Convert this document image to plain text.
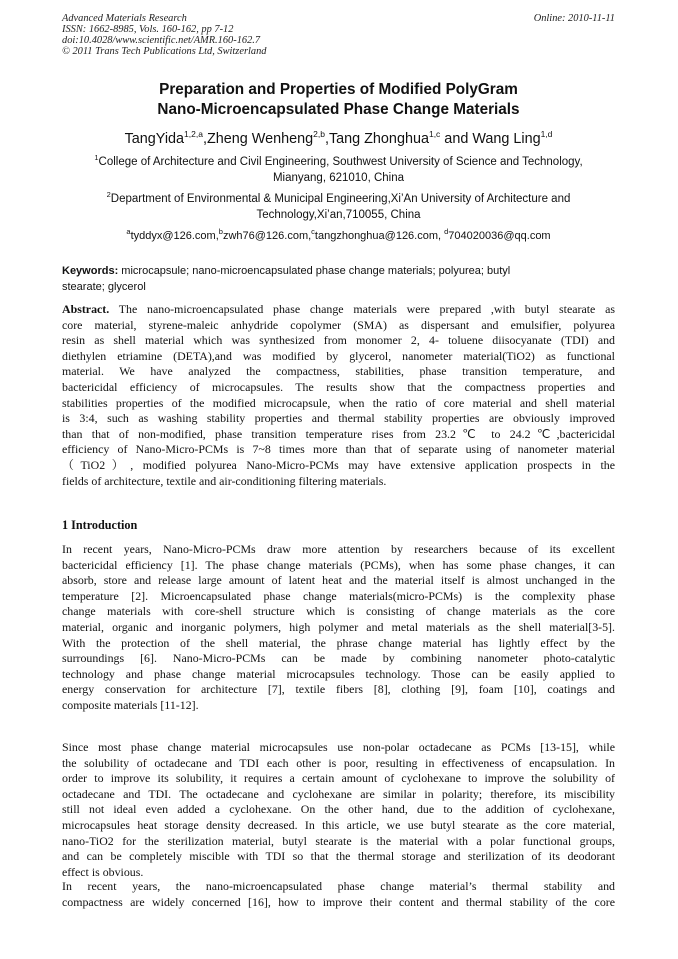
Advanced Materials Research
ISSN: 1662-8985, Vols. 160-162, pp 7-12
doi:10.4028/www.scientific.net/AMR.160-162.7
© 2011 Trans Tech Publications Ltd, Switzerland
Online: 2010-11-11
Preparation and Properties of Modified PolyGram
Nano-Microencapsulated Phase Change Materials
TangYida$^{1,2,a}$,Zheng Wenheng$^{2,b}$,Tang Zhonghua$^{1,c}$ and Wang Ling$^{1,d}$
$^1$College of Architecture and Civil Engineering, Southwest University of Science and Technology,
Mianyang, 621010, China
$^2$Department of Environmental & Municipal Engineering,Xi’An University of Architecture and
Technology,Xi’an,710055, China
$^a$tyddyx@126.com,$^b$zwh76@126.com,$^c$tangzhonghua@126.com, $^d$704020036@qq.com
Keywords: microcapsule; nano-microencapsulated phase change materials; polyurea; butyl
stearate; glycerol
Abstract. The nano-microencapsulated phase change materials were prepared ,with butyl stearate as
core material, styrene-maleic anhydride copolymer (SMA) as dispersant and emulsifier, polyurea
resin as shell material which was synthesized from monomer 2, 4- toluene diisocyanate (TDI) and
diethylen etriamine (DETA),and was modified by glycerol, nanometer material(TiO2) as functional
material. We have analyzed the compactness, stabilities, phase transition temperature, and
bactericidal efficiency of microcapsules. The results show that the compactness properties and
stabilities properties of the modified microcapsule, when the ratio of core material and shell material
is 3:4, such as washing stability properties and thermal stability properties are obviously improved
than that of non-modified, phase transition temperature rises from 23.2℃ to 24.2℃,bactericidal
efficiency of Nano-Micro-PCMs is 7~8 times more than that of separate using of nanometer material
（TiO2）, modified polyurea Nano-Micro-PCMs may have extensive application prospects in the
fields of architecture, textile and air-conditioning filtering materials.
1 Introduction
In recent years, Nano-Micro-PCMs draw more attention by researchers because of its excellent
bactericidal efficiency [1]. The phase change materials (PCMs), when has some phase changes, it can
absorb, store and release large amount of latent heat and the material itself is almost unchanged in the
temperature [2]. Microencapsulated phase change materials(micro-PCMs) is the complexity phase
change materials with core-shell structure which is consisting of change materials as the core
material, organic and inorganic polymers, high polymer and metal materials as the shell material[3-5].
With the protection of the shell material, the phrase change material has lightly effect by the
surroundings [6]. Nano-Micro-PCMs can be made by combining nanometer photo-catalytic
technology and phase change material microcapsules technology. Those can be easily applied to
energy conservation for architecture [7], textile fibers [8], clothing [9], foam [10], coatings and
composite materials [11-12].
Since most phase change material microcapsules use non-polar octadecane as PCMs [13-15], while
the solubility of octadecane and TDI each other is poor, resulting in effectiveness of encapsulation. In
order to improve its solubility, it requires a certain amount of cyclohexane to improve the solubility of
octadecane and TDI. The octadecane and cyclohexane are similar in polarity; therefore, its miscibility
still not ideal even added a cyclohexane. On the other hand, due to the addition of cyclohexane,
microcapsules heat storage density decreased. In this article, we use butyl stearate as the core material,
nano-TiO2 for the sterilization material, butyl stearate is the material with a polar functional groups,
and can be completely miscible with TDI so that the thermal storage and sterilization of its deodorant
effect is obvious.
In recent years, the nano-microencapsulated phase change material’s thermal stability and
compactness are widely concerned [16], how to improve their content and thermal stability of the core
